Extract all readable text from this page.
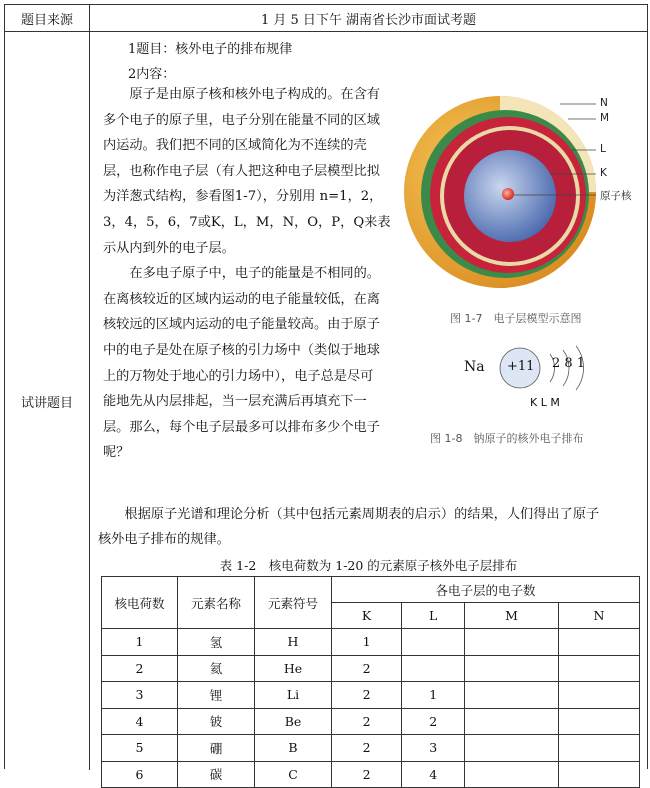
题目来源	1 月 5 日下午 湖南省长沙市面试考题
试讲题目
1题目：核外电子的排布规律
2内容：
原子是由原子核和核外电子构成的。在含有
多个电子的原子里，电子分别在能量不同的区域
内运动。我们把不同的区域简化为不连续的壳
层，也称作电子层（有人把这种电子层模型比拟
为洋葱式结构，参看图1-7），分别用 n=1，2，
3，4，5，6，7或K，L，M，N，O，P，Q来表
示从内到外的电子层。
在多电子原子中，电子的能量是不相同的。
在离核较近的区域内运动的电子能量较低，在离
核较远的区域内运动的电子能量较高。由于原子
中的电子是处在原子核的引力场中（类似于地球
上的万物处于地心的引力场中），电子总是尽可
能地先从内层排起，当一层充满后再填充下一
层。那么，每个电子层最多可以排布多少个电子
呢？
N
M
L
K
原子核
图 1-7　电子层模型示意图
Na +11 2 8 1
K L M
图 1-8　钠原子的核外电子排布
根据原子光谱和理论分析（其中包括元素周期表的启示）的结果，人们得出了原子
核外电子排布的规律。
表 1-2　核电荷数为 1-20 的元素原子核外电子层排布
核电荷数	元素名称	元素符号	各电子层的电子数			
			K	L	M	N
1	氢	H	1			
2	氦	He	2			
3	锂	Li	2	1		
4	铍	Be	2	2		
5	硼	B	2	3		
6	碳	C	2	4		
